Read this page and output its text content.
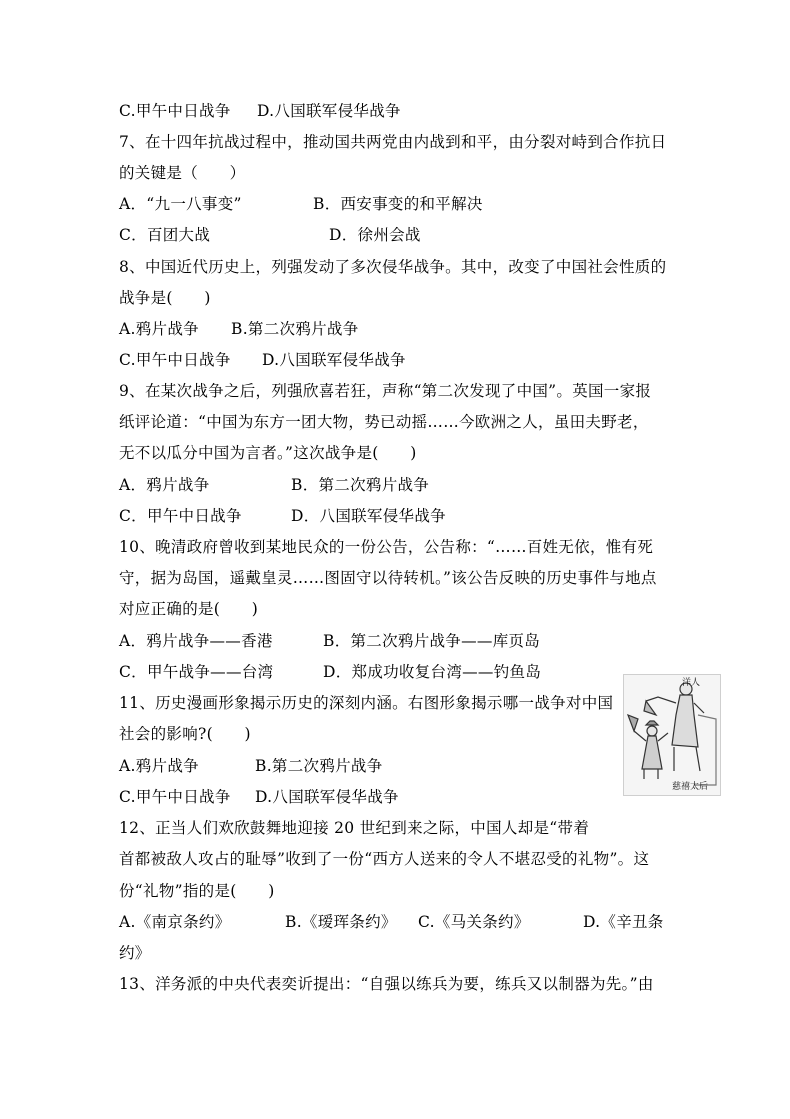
C.甲午中日战争 D.八国联军侵华战争
7、在十四年抗战过程中，推动国共两党由内战到和平，由分裂对峙到合作抗日
的关键是（　　）
A．“九一八事变”	B．西安事变的和平解决
C．百团大战	D．徐州会战
8、中国近代历史上，列强发动了多次侵华战争。其中，改变了中国社会性质的
战争是(　　)
A.鸦片战争 B.第二次鸦片战争
C.甲午中日战争 D.八国联军侵华战争
9、在某次战争之后，列强欣喜若狂，声称“第二次发现了中国”。英国一家报
纸评论道：“中国为东方一团大物，势已动摇……今欧洲之人，虽田夫野老，
无不以瓜分中国为言者。”这次战争是(　　)
A．鸦片战争	B．第二次鸦片战争
C．甲午中日战争	D．八国联军侵华战争
10、晚清政府曾收到某地民众的一份公告，公告称：“……百姓无依，惟有死
守，据为岛国，遥戴皇灵……图固守以待转机。”该公告反映的历史事件与地点
对应正确的是(　　)
A．鸦片战争——香港	B．第二次鸦片战争——库页岛
C．甲午战争——台湾	D．郑成功收复台湾——钓鱼岛
11、历史漫画形象揭示历史的深刻内涵。右图形象揭示哪一战争对中国
社会的影响?(　　)
A.鸦片战争	B.第二次鸦片战争
C.甲午中日战争 D.八国联军侵华战争
12、正当人们欢欣鼓舞地迎接 20 世纪到来之际，中国人却是“带着
首都被敌人攻占的耻辱”收到了一份“西方人送来的令人不堪忍受的礼物”。这
份“礼物”指的是(　　)
A.《南京条约》	B.《瑷珲条约》 C.《马关条约》	D.《辛丑条
约》
13、洋务派的中央代表奕䜣提出：“自强以练兵为要，练兵又以制器为先。”由
洋人
慈禧太后
